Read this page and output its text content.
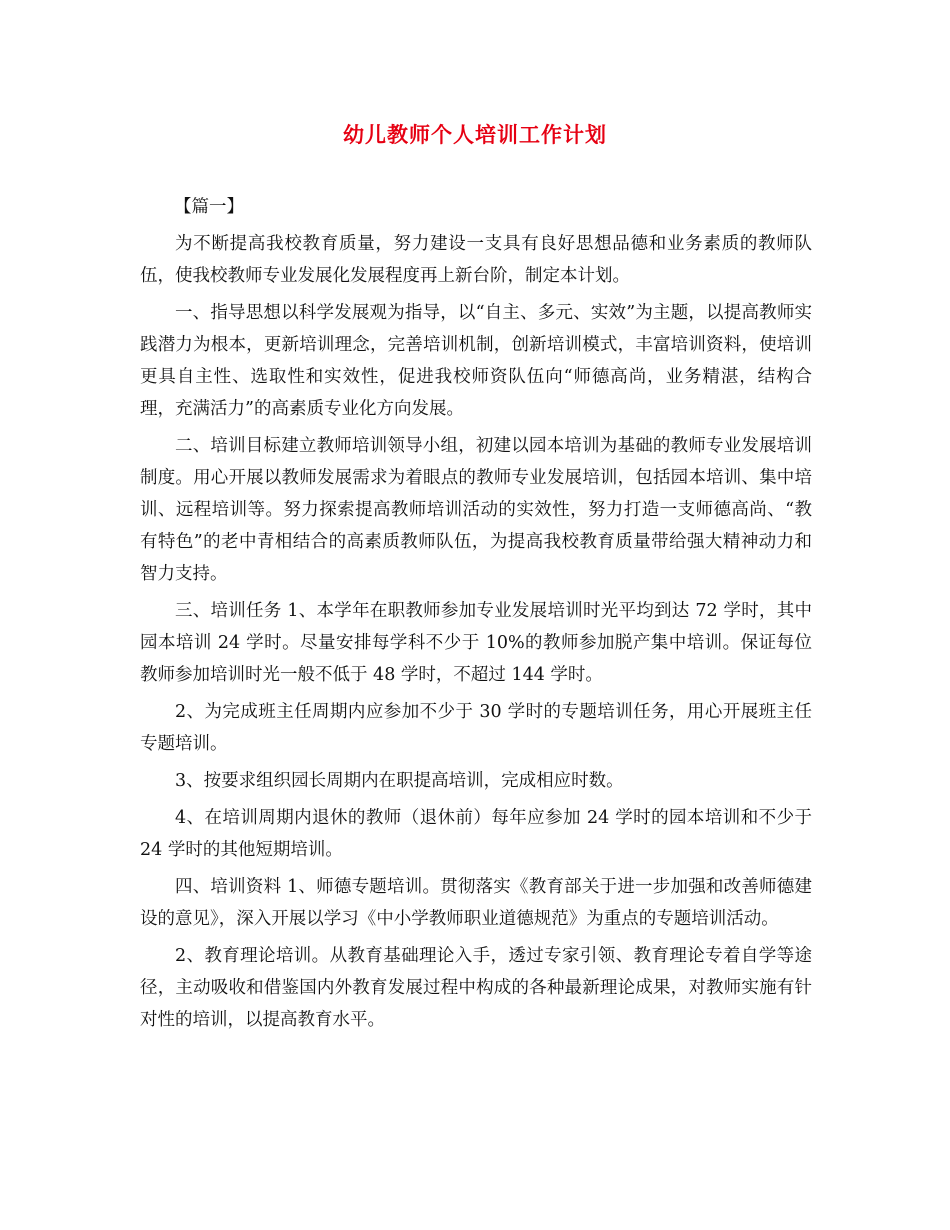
幼儿教师个人培训工作计划

【篇一】

为不断提高我校教育质量，努力建设一支具有良好思想品德和业务素质的教师队伍，使我校教师专业发展化发展程度再上新台阶，制定本计划。

一、指导思想以科学发展观为指导，以“自主、多元、实效”为主题，以提高教师实践潜力为根本，更新培训理念，完善培训机制，创新培训模式，丰富培训资料，使培训更具自主性、选取性和实效性，促进我校师资队伍向“师德高尚，业务精湛，结构合理，充满活力”的高素质专业化方向发展。

二、培训目标建立教师培训领导小组，初建以园本培训为基础的教师专业发展培训制度。用心开展以教师发展需求为着眼点的教师专业发展培训，包括园本培训、集中培训、远程培训等。努力探索提高教师培训活动的实效性，努力打造一支师德高尚、“教有特色”的老中青相结合的高素质教师队伍，为提高我校教育质量带给强大精神动力和智力支持。

三、培训任务 1、本学年在职教师参加专业发展培训时光平均到达 72 学时，其中园本培训 24 学时。尽量安排每学科不少于 10%的教师参加脱产集中培训。保证每位教师参加培训时光一般不低于 48 学时，不超过 144 学时。

2、为完成班主任周期内应参加不少于 30 学时的专题培训任务，用心开展班主任专题培训。

3、按要求组织园长周期内在职提高培训，完成相应时数。

4、在培训周期内退休的教师（退休前）每年应参加 24 学时的园本培训和不少于 24 学时的其他短期培训。

四、培训资料 1、师德专题培训。贯彻落实《教育部关于进一步加强和改善师德建设的意见》，深入开展以学习《中小学教师职业道德规范》为重点的专题培训活动。

2、教育理论培训。从教育基础理论入手，透过专家引领、教育理论专着自学等途径，主动吸收和借鉴国内外教育发展过程中构成的各种最新理论成果，对教师实施有针对性的培训，以提高教育水平。
